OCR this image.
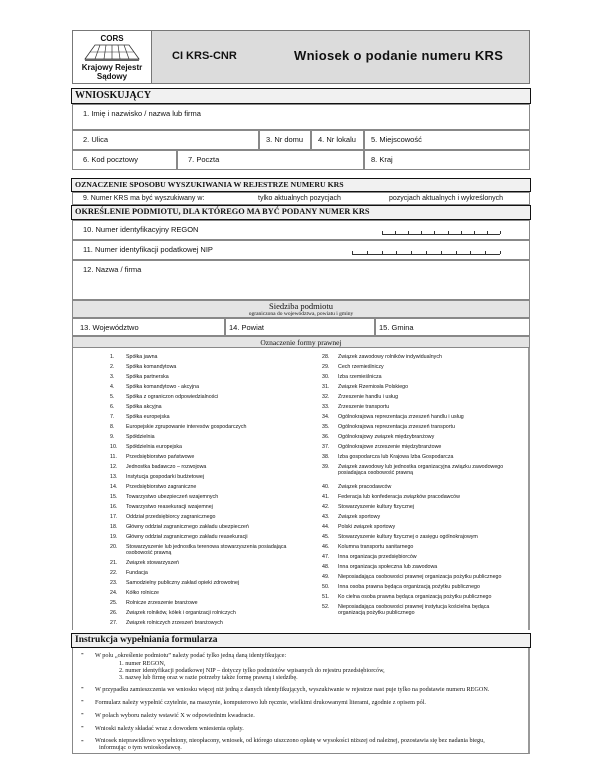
CORS
Krajowy Rejestr
Sądowy
CI KRS-CNR	Wniosek o podanie numeru KRS
WNIOSKUJĄCY
1. Imię i nazwisko / nazwa lub firma
2. Ulica	3. Nr domu	4. Nr lokalu	5. Miejscowość
6. Kod pocztowy	7. Poczta	8. Kraj
OZNACZENIE SPOSOBU WYSZUKIWANIA W REJESTRZE NUMERU KRS
9. Numer KRS ma być wyszukiwany w:	tylko aktualnych pozycjach	pozycjach aktualnych i wykreślonych
OKREŚLENIE PODMIOTU, DLA KTÓREGO MA BYĆ PODANY NUMER KRS
10. Numer identyfikacyjny REGON
11. Numer identyfikacji podatkowej NIP
12. Nazwa / firma
Siedziba podmiotu
ograniczona do województwa, powiatu i gminy
13. Województwo	14. Powiat	15. Gmina
Oznaczenie formy prawnej
1. Spółka jawna
2. Spółka komandytowa
3. Spółka partnerska
4. Spółka komandytowo - akcyjna
5. Spółka z ograniczon odpowiedzialności
6. Spółka akcyjna
7. Spółka europejska
8. Europejskie zgrupowanie interesów gospodarczych
9. Spółdzielnia
10. Spółdzielnia europejska
11. Przedsiębiorstwo państwowe
12. Jednostka badawczo – rozwojowa
13. Instytucja gospodarki budżetowej
14. Przedsiębiorstwo zagraniczne
15. Towarzystwo ubezpieczeń wzajemnych
16. Towarzystwo reasekuracji wzajemnej
17. Oddział przedsiębiorcy zagranicznego
18. Główny oddział zagranicznego zakładu ubezpieczeń
19. Główny oddział zagranicznego zakładu reasekuracji
20. Stowarzyszenie lub jednostka terenowa stowarzyszenia posiadająca
osobowość prawną
21. Związek stowarzyszeń
22. Fundacja
23. Samodzielny publiczny zakład opieki zdrowotnej
24. Kółko rolnicze
25. Rolnicze zrzeszenie branżowe
26. Związek rolników, kółek i organizacji rolniczych
27. Związek rolniczych zrzeszeń branżowych
28. Związek zawodowy rolników indywidualnych
29. Cech rzemieślniczy
30. Izba rzemieślnicza
31. Związek Rzemiosła Polskiego
32. Zrzeszenie handlu i usług
33. Zrzeszenie transportu
34. Ogólnokrajowa reprezentacja zrzeszeń handlu i usług
35. Ogólnokrajowa reprezentacja zrzeszeń transportu
36. Ogólnokrajowy związek międzybranżowy
37. Ogólnokrajowe zrzeszenie międzybranżowe
38. Izba gospodarcza lub Krajowa Izba Gospodarcza
39. Związek zawodowy lub jednostka organizacyjna związku zawodowego
posiadająca osobowość prawną
40. Związek pracodawców
41. Federacja lub konfederacja związków pracodawców
42. Stowarzyszenie kultury fizycznej
43. Związek sportowy
44. Polski związek sportowy
45. Stowarzyszenie kultury fizycznej o zasięgu ogólnokrajowym
46. Kolumna transportu sanitarnego
47. Inna organizacja przedsiębiorców
48. Inna organizacja społeczna lub zawodowa
49. Nieposiadająca osobowości prawnej organizacja pożytku publicznego
50. Inna osoba prawna będąca organizacją pożytku publicznego
51. Ko cielna osoba prawna będąca organizacją pożytku publicznego
52. Nieposiadająca osobowości prawnej instytucja kościelna będąca
organizacją pożytku publicznego
Instrukcja wypełniania formularza
- W polu „określenie podmiotu” należy podać tylko jedną daną identyfikujące:
1. numer REGON,
2. numer identyfikacji podatkowej NIP – dotyczy tylko podmiotów wpisanych do rejestru przedsiębiorców,
3. nazwę lub firmę oraz w razie potrzeby także formę prawną i siedzibę.
- W przypadku zamieszczenia we wniosku więcej niż jedną z danych identyfikujących, wyszukiwanie w rejestrze nast puje tylko na podstawie numeru REGON.
- Formularz należy wypełnić czytelnie, na maszynie, komputerowo lub ręcznie, wielkimi drukowanymi literami, zgodnie z opisem pól.
- W polach wyboru należy wstawić X w odpowiednim kwadracie.
- Wnioski należy składać wraz z dowodem wniesienia opłaty.
- Wniosek nieprawidłowo wypełniony, nieopłacony, wniosek, od którego uiszczono opłatę w wysokości niższej od należnej, pozostawia się bez nadania biegu,
informując o tym wnioskodawcę.
